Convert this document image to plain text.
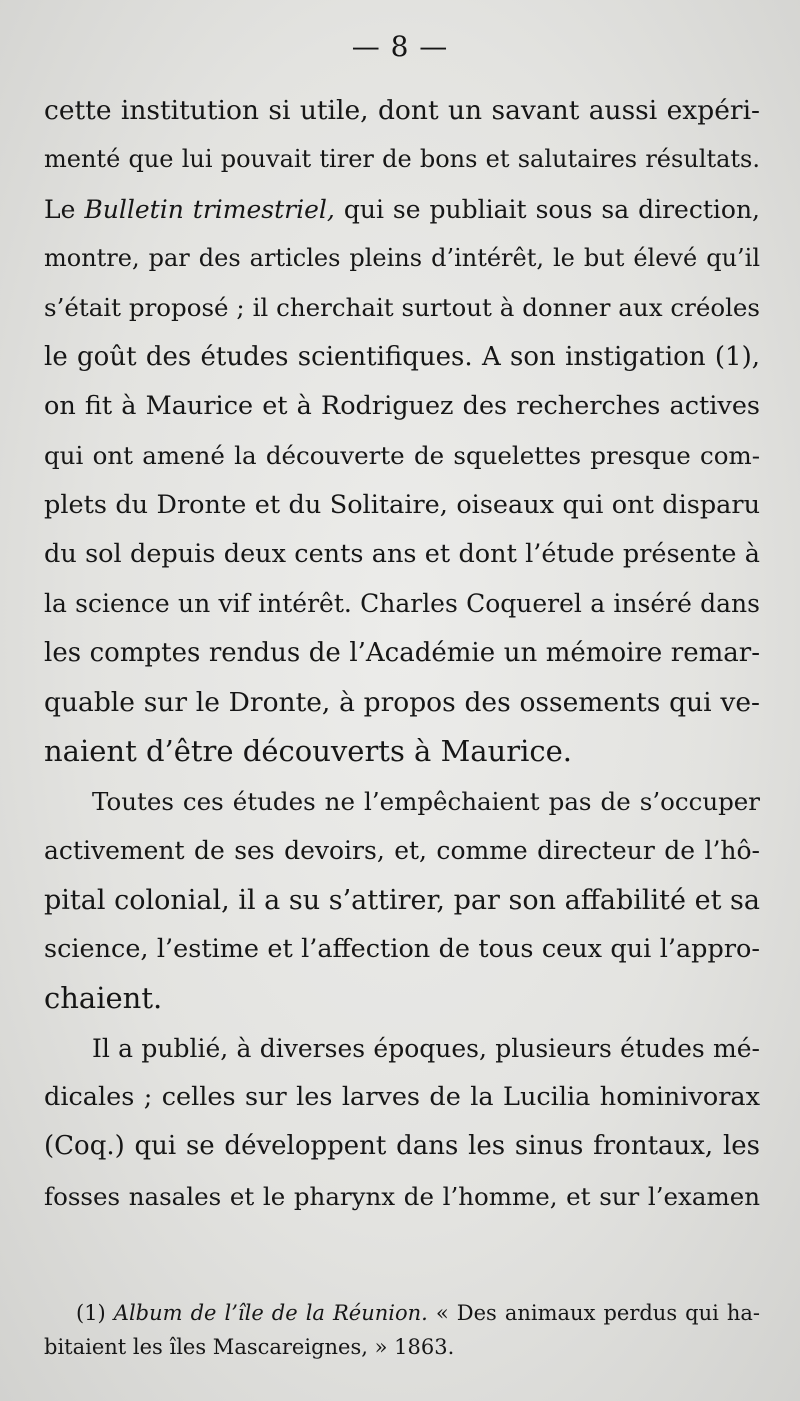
— 8 —
cette institution si utile, dont un savant aussi expéri-
menté que lui pouvait tirer de bons et salutaires résultats.
Le Bulletin trimestriel, qui se publiait sous sa direction,
montre, par des articles pleins d’intérêt, le but élevé qu’il
s’était proposé ; il cherchait surtout à donner aux créoles
le goût des études scientifiques. A son instigation (1),
on fit à Maurice et à Rodriguez des recherches actives
qui ont amené la découverte de squelettes presque com-
plets du Dronte et du Solitaire, oiseaux qui ont disparu
du sol depuis deux cents ans et dont l’étude présente à
la science un vif intérêt. Charles Coquerel a inséré dans
les comptes rendus de l’Académie un mémoire remar-
quable sur le Dronte, à propos des ossements qui ve-
naient d’être découverts à Maurice.
Toutes ces études ne l’empêchaient pas de s’occuper
activement de ses devoirs, et, comme directeur de l’hô-
pital colonial, il a su s’attirer, par son affabilité et sa
science, l’estime et l’affection de tous ceux qui l’appro-
chaient.
Il a publié, à diverses époques, plusieurs études mé-
dicales ; celles sur les larves de la Lucilia hominivorax
(Coq.) qui se développent dans les sinus frontaux, les
fosses nasales et le pharynx de l’homme, et sur l’examen
(1) Album de l’île de la Réunion. « Des animaux perdus qui ha-
bitaient les îles Mascareignes, » 1863.
